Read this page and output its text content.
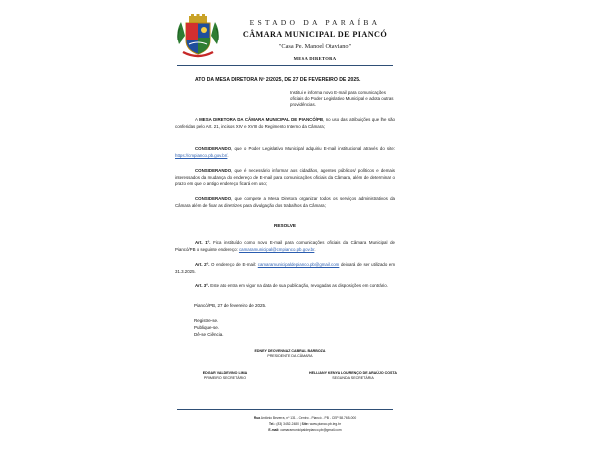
ESTADO DA PARAÍBA
CÂMARA MUNICIPAL DE PIANCÓ
"Casa Pe. Manoel Otaviano"
MESA DIRETORA
ATO DA MESA DIRETORA Nº 2/2025, DE 27 DE FEVEREIRO DE 2025.
Institui e informa novo E-mail para comunicações oficiais do Poder Legislativo Municipal e adota outras providências.
A MESA DIRETORA DA CÂMARA MUNICIPAL DE PIANCÓ/PB, no uso das atribuições que lhe são conferidas pelo Art. 21, incisos XIV e XVIII do Regimento Interno da Câmara;
CONSIDERANDO, que o Poder Legislativo Municipal adquiriu E-mail institucional através do site: https://cmpianco.pb.gov.br/.
CONSIDERANDO, que é necessário informar aos cidadãos, agentes públicos/ políticos e demais interessados da mudança do endereço de E-mail para comunicações oficiais da Câmara, além de determinar o prazo em que o antigo endereço ficará em uso;
CONSIDERANDO, que compete a Mesa Diretora organizar todos os serviços administrativos da Câmara além de fixar as diretrizes para divulgação dos trabalhos da Câmara;
RESOLVE
Art. 1º. Fica instituído como novo E-mail para comunicações oficiais da Câmara Municipal de Piancó/PB o seguinte endereço: camaramunicipal@cmpianco.pb.gov.br.
Art. 2º. O endereço de E-mail: camaramunicipaldepianco.pb@gmail.com deixará de ser utilizado em 31.3.2025.
Art. 3º. Este ato entra em vigor na data de sua publicação, revogadas as disposições em contrário.
Piancó/PB, 27 de fevereiro de 2025.
Registre-se.
Publique-se.
Dê-se Ciência.
EDNEY DEOVENNAZ CABRAL BARBOZA
PRESIDENTE DA CÂMARA
EDGAR VALDEVINO LIMA
PRIMEIRO SECRETÁRIO
HELLIANY KENYA LOURENÇO DE ARAÚJO COSTA
SEGUNDA SECRETÁRIA
Rua Antônio Bezerra, nº 131 - Centro - Piancó - PB - CEP 58.765-000
Tel.: (83) 3452-2480 | Site: www.pianco.pb.leg.br
E-mail: camaramunicipaldepianco.pb@gmail.com
